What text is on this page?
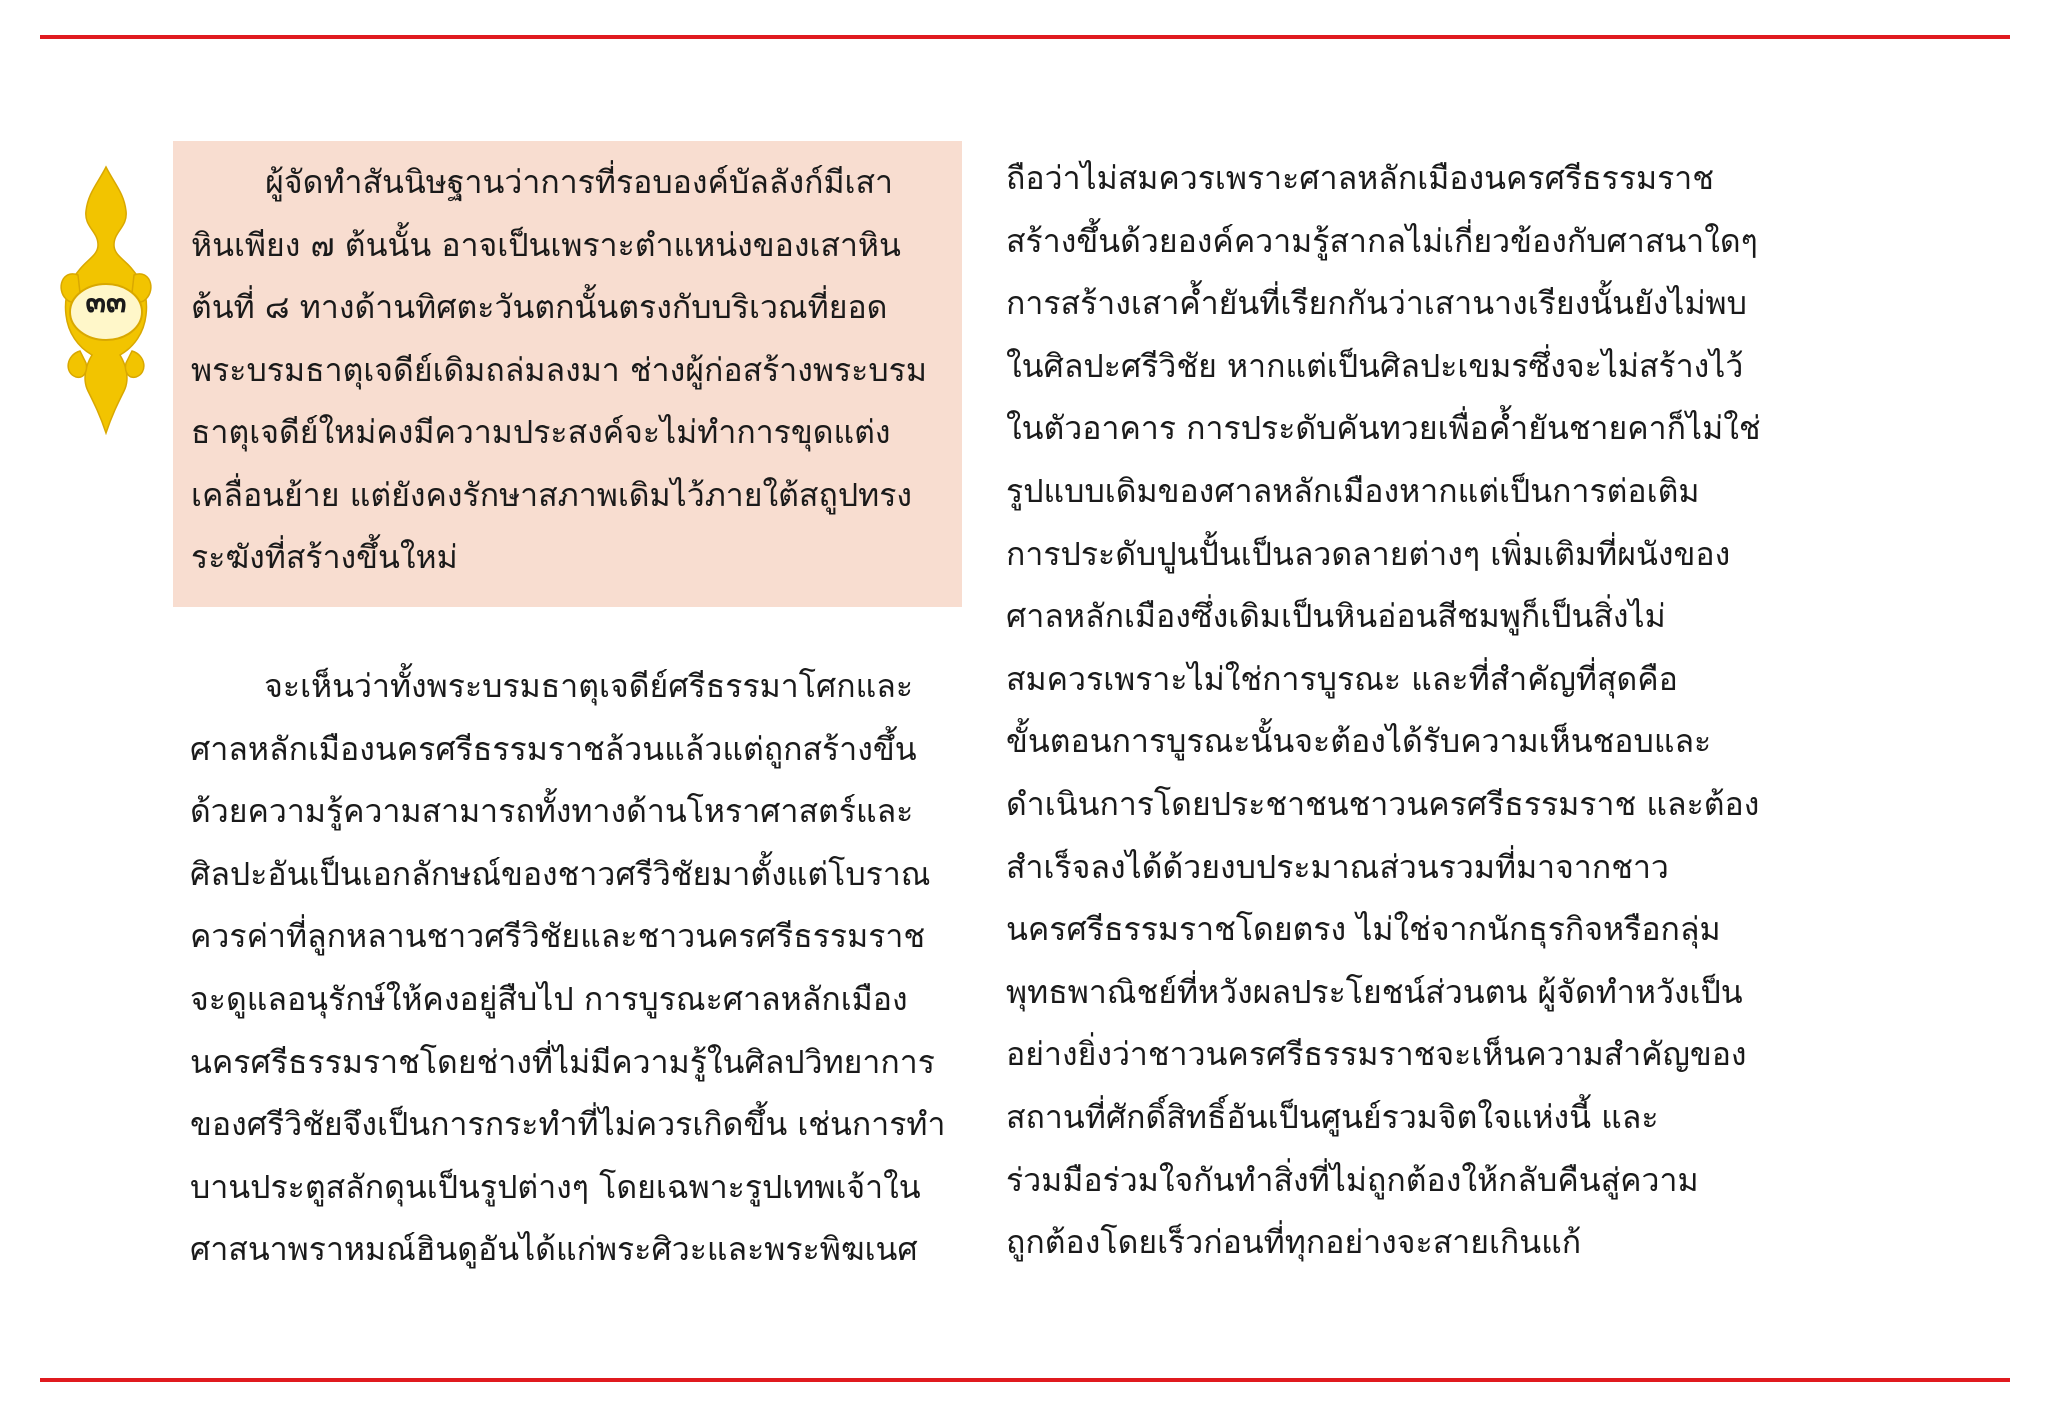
๓๓
   ผู้จัดทำสันนิษฐานว่าการที่รอบองค์บัลลังก์มีเสา
หินเพียง ๗ ต้นนั้น อาจเป็นเพราะตำแหน่งของเสาหิน
ต้นที่ ๘ ทางด้านทิศตะวันตกนั้นตรงกับบริเวณที่ยอด
พระบรมธาตุเจดีย์เดิมถล่มลงมา ช่างผู้ก่อสร้างพระบรม
ธาตุเจดีย์ใหม่คงมีความประสงค์จะไม่ทำการขุดแต่ง
เคลื่อนย้าย แต่ยังคงรักษาสภาพเดิมไว้ภายใต้สถูปทรง
ระฆังที่สร้างขึ้นใหม่
   จะเห็นว่าทั้งพระบรมธาตุเจดีย์ศรีธรรมาโศกและ
ศาลหลักเมืองนครศรีธรรมราชล้วนแล้วแต่ถูกสร้างขึ้น
ด้วยความรู้ความสามารถทั้งทางด้านโหราศาสตร์และ
ศิลปะอันเป็นเอกลักษณ์ของชาวศรีวิชัยมาตั้งแต่โบราณ
ควรค่าที่ลูกหลานชาวศรีวิชัยและชาวนครศรีธรรมราช
จะดูแลอนุรักษ์ให้คงอยู่สืบไป การบูรณะศาลหลักเมือง
นครศรีธรรมราชโดยช่างที่ไม่มีความรู้ในศิลปวิทยาการ
ของศรีวิชัยจึงเป็นการกระทำที่ไม่ควรเกิดขึ้น เช่นการทำ
บานประตูสลักดุนเป็นรูปต่างๆ โดยเฉพาะรูปเทพเจ้าใน
ศาสนาพราหมณ์ฮินดูอันได้แก่พระศิวะและพระพิฆเนศ
ถือว่าไม่สมควรเพราะศาลหลักเมืองนครศรีธรรมราช
สร้างขึ้นด้วยองค์ความรู้สากลไม่เกี่ยวข้องกับศาสนาใดๆ
การสร้างเสาค้ำยันที่เรียกกันว่าเสานางเรียงนั้นยังไม่พบ
ในศิลปะศรีวิชัย หากแต่เป็นศิลปะเขมรซึ่งจะไม่สร้างไว้
ในตัวอาคาร การประดับคันทวยเพื่อค้ำยันชายคาก็ไม่ใช่
รูปแบบเดิมของศาลหลักเมืองหากแต่เป็นการต่อเติม
การประดับปูนปั้นเป็นลวดลายต่างๆ เพิ่มเติมที่ผนังของ
ศาลหลักเมืองซึ่งเดิมเป็นหินอ่อนสีชมพูก็เป็นสิ่งไม่
สมควรเพราะไม่ใช่การบูรณะ และที่สำคัญที่สุดคือ
ขั้นตอนการบูรณะนั้นจะต้องได้รับความเห็นชอบและ
ดำเนินการโดยประชาชนชาวนครศรีธรรมราช และต้อง
สำเร็จลงได้ด้วยงบประมาณส่วนรวมที่มาจากชาว
นครศรีธรรมราชโดยตรง ไม่ใช่จากนักธุรกิจหรือกลุ่ม
พุทธพาณิชย์ที่หวังผลประโยชน์ส่วนตน ผู้จัดทำหวังเป็น
อย่างยิ่งว่าชาวนครศรีธรรมราชจะเห็นความสำคัญของ
สถานที่ศักดิ์สิทธิ์อันเป็นศูนย์รวมจิตใจแห่งนี้ และ
ร่วมมือร่วมใจกันทำสิ่งที่ไม่ถูกต้องให้กลับคืนสู่ความ
ถูกต้องโดยเร็วก่อนที่ทุกอย่างจะสายเกินแก้
